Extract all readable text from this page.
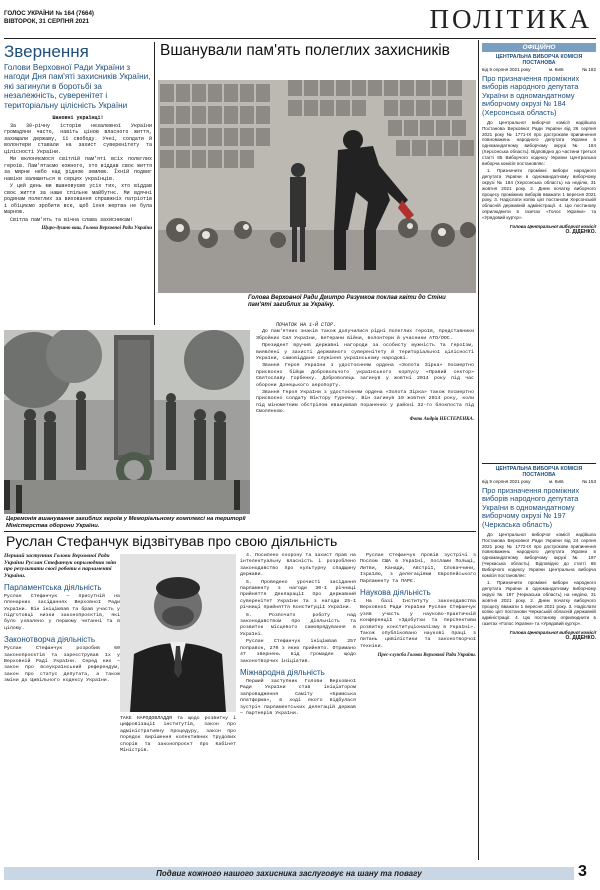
ГОЛОС УКРАЇНИ № 164 (7664)
ВІВТОРОК, 31 СЕРПНЯ 2021	ПОЛІТИКА
Звернення
Голови Верховної Ради України з нагоди Дня пам'яті захисників України, які загинули в боротьбі за незалежність, суверенітет і територіальну цілісність України
Шановні українці!

За 30-річну історію незалежної України громадяни часто, навіть ціною власного життя, захищали державу, її свободу. Учні, солдати й волонтери ставали на захист суверенітету та цілісності України.

Ми вклоняємося світлій пам'яті всіх полеглих героїв. Пам'ятаємо кожного, хто віддав своє життя за мирне небо над рідною землею. Їхній подвиг навіки залишиться в серцях українців.

У цей день ми вшановуємо усіх тих, хто віддав своє життя за наше спільне майбутнє. Ми вдячні родинам полеглих за виховання справжніх патріотів і обіцяємо зробити все, щоб їхня жертва не була марною.

Світла пам'ять та вічна слава захисникам!

Щиро-душно ваш, Голова Верховної Ради України
Вшанували пам'ять полеглих захисників
Голова Верховної Ради Дмитро Разумков поклав квіти до Стіни пам'яті загиблих за Україну.
Церемонія вшанування загиблих героїв у Меморіальному комплексі на території Міністерства оборони України.
ПОЧАТОК НА 1-Й СТОР.

До пам'ятних знаків також долучилися рідні полеглих героїв, представники Збройних Сил України, ветерани війни, волонтери й учасники АТО/ООС.

Президент вручив державні нагороди за особисту мужність та героїзм, виявлені у захисті державного суверенітету й територіальної цілісності України, самовіддане служіння українському народові.

Звання Героя України з удостоєнням ордена «Золота Зірка» посмертно присвоєно бійцю Добровольчого українського корпусу «Правий сектор» Святославу Горбенку. Доброволець загинув у жовтні 2014 року під час оборони Донецького аеропорту.

Звання Героя України з удостоєнням ордена «Золота Зірка» також посмертно присвоєно солдату Віктору Гурняку. Він загинув 19 жовтня 2014 року, коли під мінометним обстрілом евакуював поранених у районі 32-го блокпоста під Смолянкою.

Фото Андрія НЕСТЕРЕНКА.
Руслан Стефанчук відзвітував про свою діяльність
Перший заступник Голови Верховної Ради України Руслан Стефанчук оприлюднив звіт про результати своєї роботи в парламенті України.
Парламентська діяльність
Руслан Стефанчук — присутній на пленарних засіданнях Верховної Ради України. Він ініціював та брав участь у підготовці низки законопроєктів, які було ухвалено у першому читанні та в цілому.
Законотворча діяльність
Руслан Стефанчук розробив 60 законопроєктів та зареєстрував їх у Верховній Раді України. Серед них — закон про всеукраїнський референдум, закон про статус депутата, а також зміни до Цивільного кодексу України.
ТАКЕ НАРОДОВЛАДДЯ та щодо розвитку і цифровізації інститутів, закон про адміністративну процедуру, закон про порядок вирішення колективних трудових спорів та законопроєкт про Кабінет Міністрів.

4. Посилено охорону та захист прав на інтелектуальну власність і розроблено законодавство про культурну спадщину держави.

5. Проведено урочисті засідання парламенту з нагоди 30-ї річниці прийняття Декларації про державний суверенітет України та з нагоди 25-ї річниці прийняття Конституції України.

6. Розпочато роботу над законодавством про діяльність та розвиток місцевого самоврядування в Україні.

Руслан Стефанчук ініціював 257 поправок, 270 з яких прийнято. Отримано 47 звернень від громадян щодо законотворчих ініціатив.

Міжнародна діяльність

Перший заступник Голови Верховної Ради України став ініціатором запровадження Саміту «Кримська платформа», в ході якого відбулася зустріч парламентських делегацій держав — партнерів України.

Руслан Стефанчук провів зустрічі з Послом США в Україні, послами Польщі, Литви, Канади, Австрії, Словаччини, Ізраїлю, з делегаціями Європейського Парламенту та ПАРЄ.

Наукова діяльність

На базі Інституту законодавства Верховної Ради України Руслан Стефанчук узяв участь у науково-практичній конференції «Здобутки та перспективи розвитку конституціоналізму в Україні». Також опубліковано наукові праці з питань цивілістики та законотворчої техніки.

Прес-служба Голови Верховної Ради України.
ОФІЦІЙНО
ЦЕНТРАЛЬНА ВИБОРЧА КОМІСІЯ ПОСТАНОВА
від 9 серпня 2021 року	м. Київ	№ 182
Про призначення проміжних виборів народного депутата України в одномандатному виборчому окрузі № 184 (Херсонська область)
До Центральної виборчої комісії надійшла Постанова Верховної Ради України від 26 серпня 2021 року № 1771-IX про дострокове припинення повноважень народного депутата України в одномандатному виборчому окрузі № 184 (Херсонська область). Відповідно до частини третьої статті 85 Виборчого кодексу України Центральна виборча комісія постановляє:
1. Призначити проміжні вибори народного депутата України в одномандатному виборчому окрузі № 184 (Херсонська область) на неділю, 31 жовтня 2021 року. 2. Днем початку виборчого процесу проміжних виборів вважати 1 вересня 2021 року. 3. Надіслати копію цієї постанови Херсонській обласній державній адміністрації. 4. Цю постанову оприлюднити в газетах «Голос України» та «Урядовий кур'єр».
Голова Центральної виборчої комісії
О. ДІДЕНКО.
ЦЕНТРАЛЬНА ВИБОРЧА КОМІСІЯ ПОСТАНОВА
від 9 серпня 2021 року	м. Київ	№ 153
Про призначення проміжних виборів народного депутата України в одномандатному виборчому окрузі № 197 (Черкаська область)
До Центральної виборчої комісії надійшла Постанова Верховної Ради України від 24 серпня 2021 року № 1772-IX про дострокове припинення повноважень народного депутата України в одномандатному виборчому окрузі № 197 (Черкаська область). Відповідно до статті 85 Виборчого кодексу України Центральна виборча комісія постановляє:
1. Призначити проміжні вибори народного депутата України в одномандатному виборчому окрузі № 197 (Черкаська область) на неділю, 31 жовтня 2021 року. 2. Днем початку виборчого процесу вважати 1 вересня 2021 року. 3. Надіслати копію цієї постанови Черкаській обласній державній адміністрації. 4. Цю постанову оприлюднити в газетах «Голос України» та «Урядовий кур'єр».
Голова Центральної виборчої комісії
О. ДІДЕНКО.
Подвиг кожного нашого захисника заслуговує на шану та повагу	3
